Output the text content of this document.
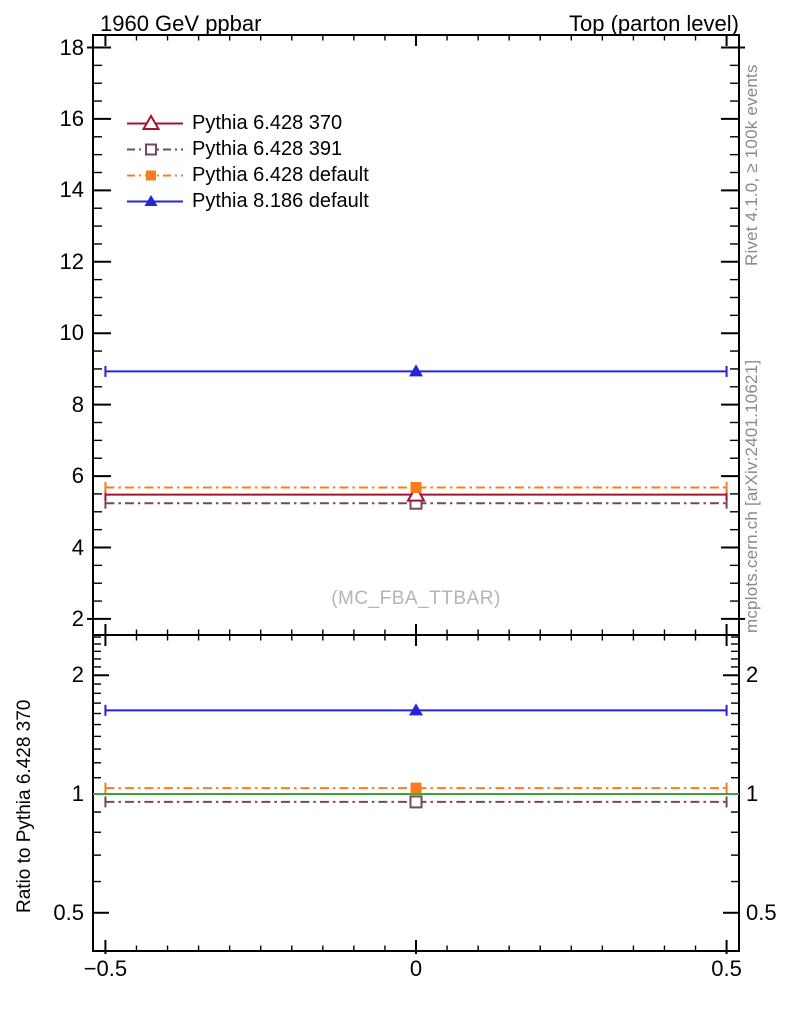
1960 GeV ppbar	Top (parton level)
Rivet 4.1.0, ≥ 100k events
mcplots.cern.ch [arXiv:2401.10621]
Ratio to Pythia 6.428 370
(MC_FBA_TTBAR)
Pythia 6.428 370
Pythia 6.428 391
Pythia 6.428 default
Pythia 8.186 default
18
16
14
12
10
8
6
4
2
2	2
1	1
0.5	0.5
−0.5	0	0.5
